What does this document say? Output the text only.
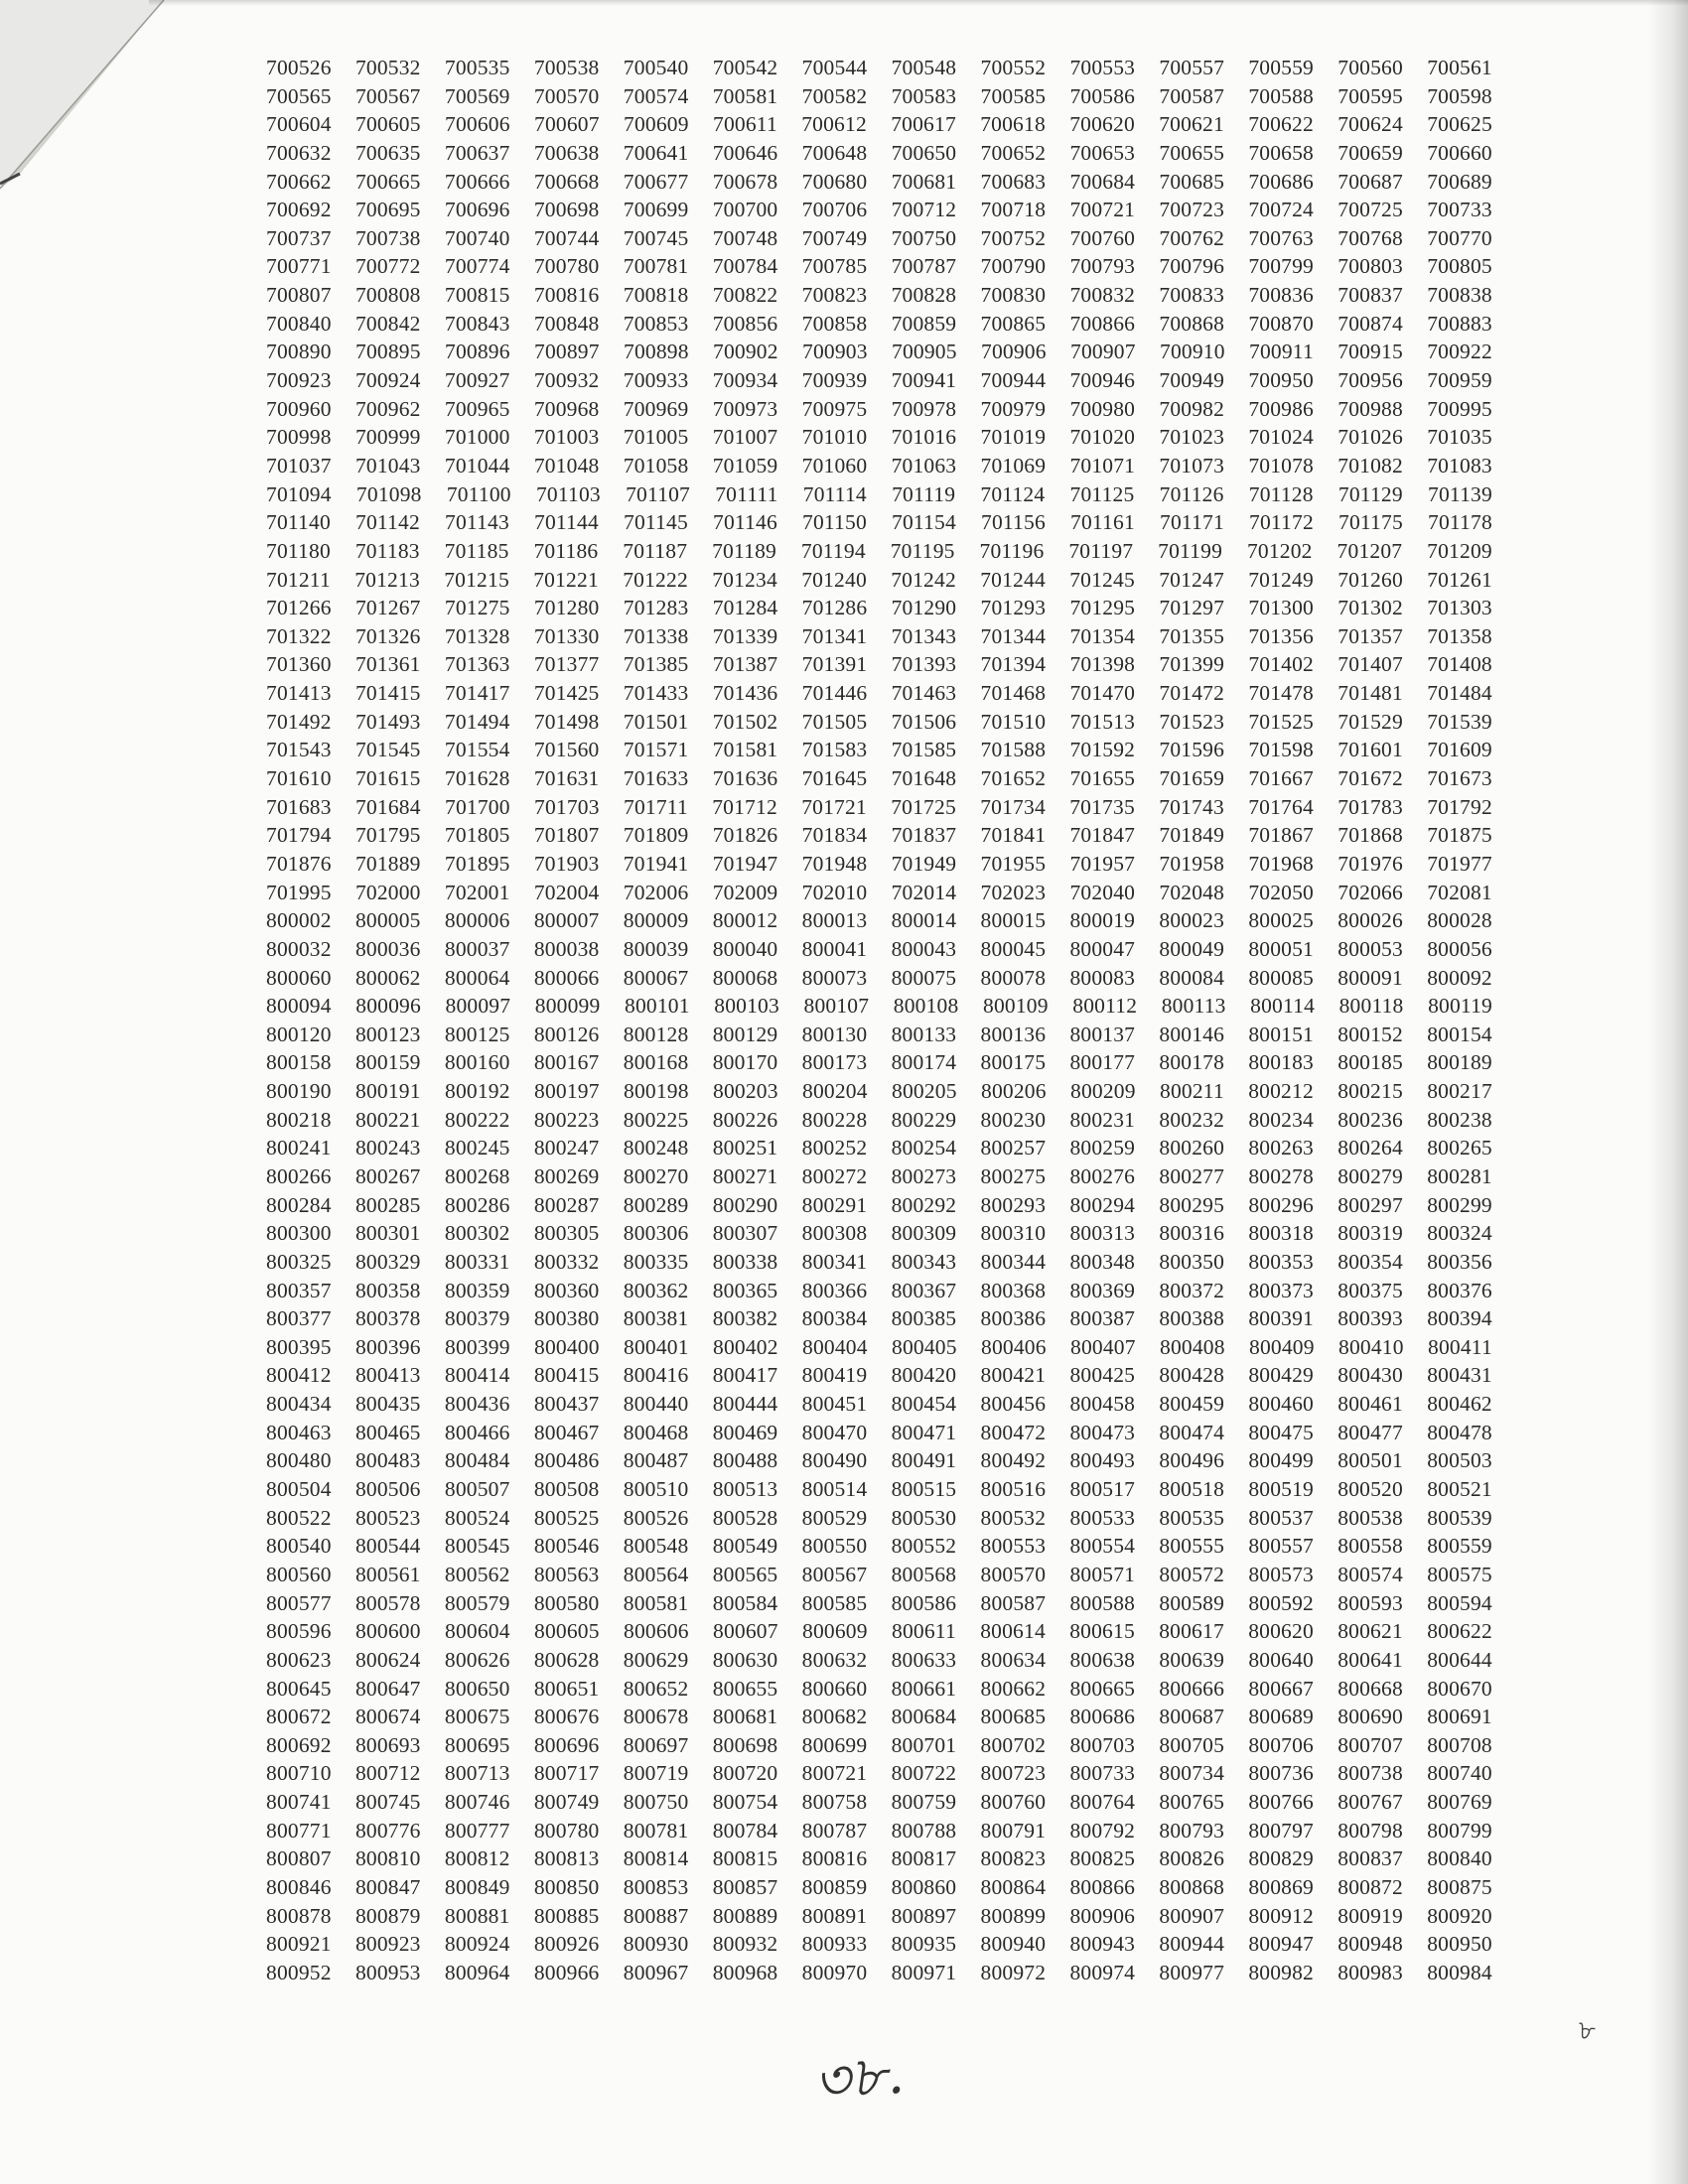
700526 700532 700535 700538 700540 700542 700544 700548 700552 700553 700557 700559 700560 700561
700565 700567 700569 700570 700574 700581 700582 700583 700585 700586 700587 700588 700595 700598
700604 700605 700606 700607 700609 700611 700612 700617 700618 700620 700621 700622 700624 700625
700632 700635 700637 700638 700641 700646 700648 700650 700652 700653 700655 700658 700659 700660
700662 700665 700666 700668 700677 700678 700680 700681 700683 700684 700685 700686 700687 700689
700692 700695 700696 700698 700699 700700 700706 700712 700718 700721 700723 700724 700725 700733
700737 700738 700740 700744 700745 700748 700749 700750 700752 700760 700762 700763 700768 700770
700771 700772 700774 700780 700781 700784 700785 700787 700790 700793 700796 700799 700803 700805
700807 700808 700815 700816 700818 700822 700823 700828 700830 700832 700833 700836 700837 700838
700840 700842 700843 700848 700853 700856 700858 700859 700865 700866 700868 700870 700874 700883
700890 700895 700896 700897 700898 700902 700903 700905 700906 700907 700910 700911 700915 700922
700923 700924 700927 700932 700933 700934 700939 700941 700944 700946 700949 700950 700956 700959
700960 700962 700965 700968 700969 700973 700975 700978 700979 700980 700982 700986 700988 700995
700998 700999 701000 701003 701005 701007 701010 701016 701019 701020 701023 701024 701026 701035
701037 701043 701044 701048 701058 701059 701060 701063 701069 701071 701073 701078 701082 701083
701094 701098 701100 701103 701107 701111 701114 701119 701124 701125 701126 701128 701129 701139
701140 701142 701143 701144 701145 701146 701150 701154 701156 701161 701171 701172 701175 701178
701180 701183 701185 701186 701187 701189 701194 701195 701196 701197 701199 701202 701207 701209
701211 701213 701215 701221 701222 701234 701240 701242 701244 701245 701247 701249 701260 701261
701266 701267 701275 701280 701283 701284 701286 701290 701293 701295 701297 701300 701302 701303
701322 701326 701328 701330 701338 701339 701341 701343 701344 701354 701355 701356 701357 701358
701360 701361 701363 701377 701385 701387 701391 701393 701394 701398 701399 701402 701407 701408
701413 701415 701417 701425 701433 701436 701446 701463 701468 701470 701472 701478 701481 701484
701492 701493 701494 701498 701501 701502 701505 701506 701510 701513 701523 701525 701529 701539
701543 701545 701554 701560 701571 701581 701583 701585 701588 701592 701596 701598 701601 701609
701610 701615 701628 701631 701633 701636 701645 701648 701652 701655 701659 701667 701672 701673
701683 701684 701700 701703 701711 701712 701721 701725 701734 701735 701743 701764 701783 701792
701794 701795 701805 701807 701809 701826 701834 701837 701841 701847 701849 701867 701868 701875
701876 701889 701895 701903 701941 701947 701948 701949 701955 701957 701958 701968 701976 701977
701995 702000 702001 702004 702006 702009 702010 702014 702023 702040 702048 702050 702066 702081
800002 800005 800006 800007 800009 800012 800013 800014 800015 800019 800023 800025 800026 800028
800032 800036 800037 800038 800039 800040 800041 800043 800045 800047 800049 800051 800053 800056
800060 800062 800064 800066 800067 800068 800073 800075 800078 800083 800084 800085 800091 800092
800094 800096 800097 800099 800101 800103 800107 800108 800109 800112 800113 800114 800118 800119
800120 800123 800125 800126 800128 800129 800130 800133 800136 800137 800146 800151 800152 800154
800158 800159 800160 800167 800168 800170 800173 800174 800175 800177 800178 800183 800185 800189
800190 800191 800192 800197 800198 800203 800204 800205 800206 800209 800211 800212 800215 800217
800218 800221 800222 800223 800225 800226 800228 800229 800230 800231 800232 800234 800236 800238
800241 800243 800245 800247 800248 800251 800252 800254 800257 800259 800260 800263 800264 800265
800266 800267 800268 800269 800270 800271 800272 800273 800275 800276 800277 800278 800279 800281
800284 800285 800286 800287 800289 800290 800291 800292 800293 800294 800295 800296 800297 800299
800300 800301 800302 800305 800306 800307 800308 800309 800310 800313 800316 800318 800319 800324
800325 800329 800331 800332 800335 800338 800341 800343 800344 800348 800350 800353 800354 800356
800357 800358 800359 800360 800362 800365 800366 800367 800368 800369 800372 800373 800375 800376
800377 800378 800379 800380 800381 800382 800384 800385 800386 800387 800388 800391 800393 800394
800395 800396 800399 800400 800401 800402 800404 800405 800406 800407 800408 800409 800410 800411
800412 800413 800414 800415 800416 800417 800419 800420 800421 800425 800428 800429 800430 800431
800434 800435 800436 800437 800440 800444 800451 800454 800456 800458 800459 800460 800461 800462
800463 800465 800466 800467 800468 800469 800470 800471 800472 800473 800474 800475 800477 800478
800480 800483 800484 800486 800487 800488 800490 800491 800492 800493 800496 800499 800501 800503
800504 800506 800507 800508 800510 800513 800514 800515 800516 800517 800518 800519 800520 800521
800522 800523 800524 800525 800526 800528 800529 800530 800532 800533 800535 800537 800538 800539
800540 800544 800545 800546 800548 800549 800550 800552 800553 800554 800555 800557 800558 800559
800560 800561 800562 800563 800564 800565 800567 800568 800570 800571 800572 800573 800574 800575
800577 800578 800579 800580 800581 800584 800585 800586 800587 800588 800589 800592 800593 800594
800596 800600 800604 800605 800606 800607 800609 800611 800614 800615 800617 800620 800621 800622
800623 800624 800626 800628 800629 800630 800632 800633 800634 800638 800639 800640 800641 800644
800645 800647 800650 800651 800652 800655 800660 800661 800662 800665 800666 800667 800668 800670
800672 800674 800675 800676 800678 800681 800682 800684 800685 800686 800687 800689 800690 800691
800692 800693 800695 800696 800697 800698 800699 800701 800702 800703 800705 800706 800707 800708
800710 800712 800713 800717 800719 800720 800721 800722 800723 800733 800734 800736 800738 800740
800741 800745 800746 800749 800750 800754 800758 800759 800760 800764 800765 800766 800767 800769
800771 800776 800777 800780 800781 800784 800787 800788 800791 800792 800793 800797 800798 800799
800807 800810 800812 800813 800814 800815 800816 800817 800823 800825 800826 800829 800837 800840
800846 800847 800849 800850 800853 800857 800859 800860 800864 800866 800868 800869 800872 800875
800878 800879 800881 800885 800887 800889 800891 800897 800899 800906 800907 800912 800919 800920
800921 800923 800924 800926 800930 800932 800933 800935 800940 800943 800944 800947 800948 800950
800952 800953 800964 800966 800967 800968 800970 800971 800972 800974 800977 800982 800983 800984
৩৮.
৮
